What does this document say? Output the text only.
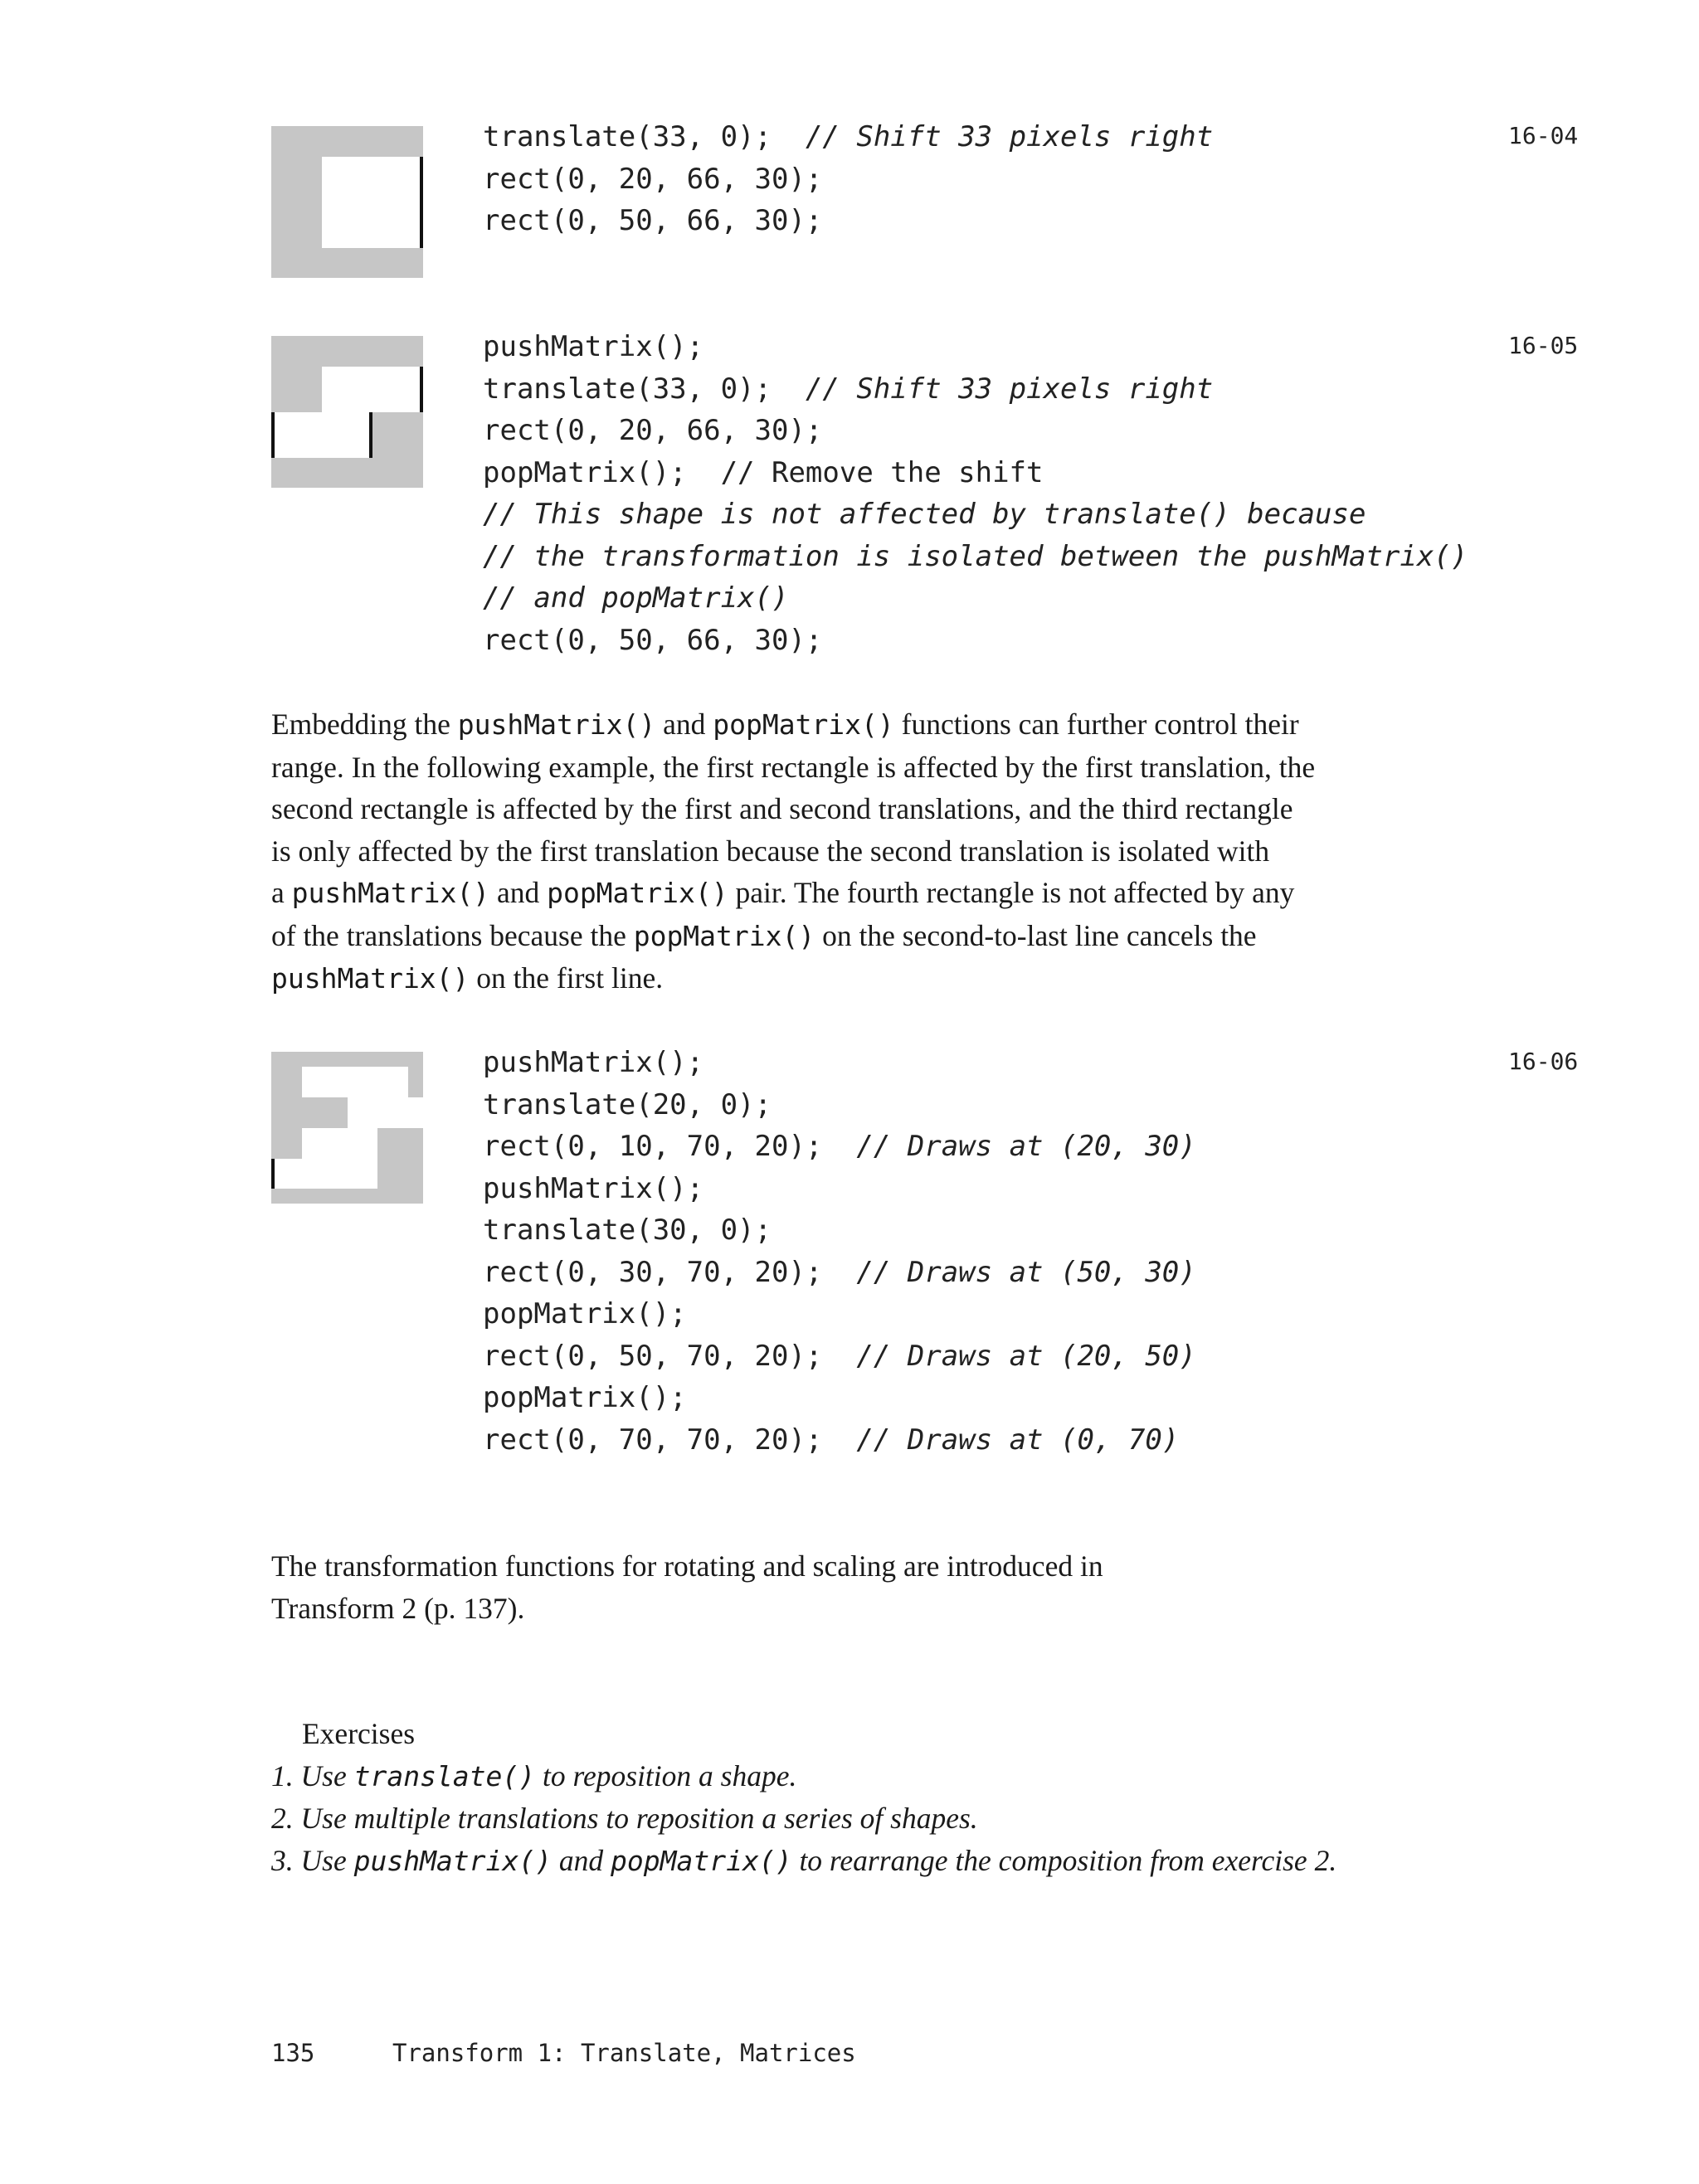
translate(33, 0);  // Shift 33 pixels right
rect(0, 20, 66, 30);
rect(0, 50, 66, 30);
16-04
pushMatrix();
translate(33, 0);  // Shift 33 pixels right
rect(0, 20, 66, 30);
popMatrix();  // Remove the shift
// This shape is not affected by translate() because
// the transformation is isolated between the pushMatrix()
// and popMatrix()
rect(0, 50, 66, 30);
16-05
Embedding the pushMatrix() and popMatrix() functions can further control their
range. In the following example, the first rectangle is affected by the first translation, the
second rectangle is affected by the first and second translations, and the third rectangle
is only affected by the first translation because the second translation is isolated with
a pushMatrix() and popMatrix() pair. The fourth rectangle is not affected by any
of the translations because the popMatrix() on the second-to-last line cancels the
pushMatrix() on the first line.
pushMatrix();
translate(20, 0);
rect(0, 10, 70, 20);  // Draws at (20, 30)
pushMatrix();
translate(30, 0);
rect(0, 30, 70, 20);  // Draws at (50, 30)
popMatrix();
rect(0, 50, 70, 20);  // Draws at (20, 50)
popMatrix();
rect(0, 70, 70, 20);  // Draws at (0, 70)
16-06
The transformation functions for rotating and scaling are introduced in
Transform 2 (p. 137).
Exercises
1. Use translate() to reposition a shape.
2. Use multiple translations to reposition a series of shapes.
3. Use pushMatrix() and popMatrix() to rearrange the composition from exercise 2.
135	Transform 1: Translate, Matrices
